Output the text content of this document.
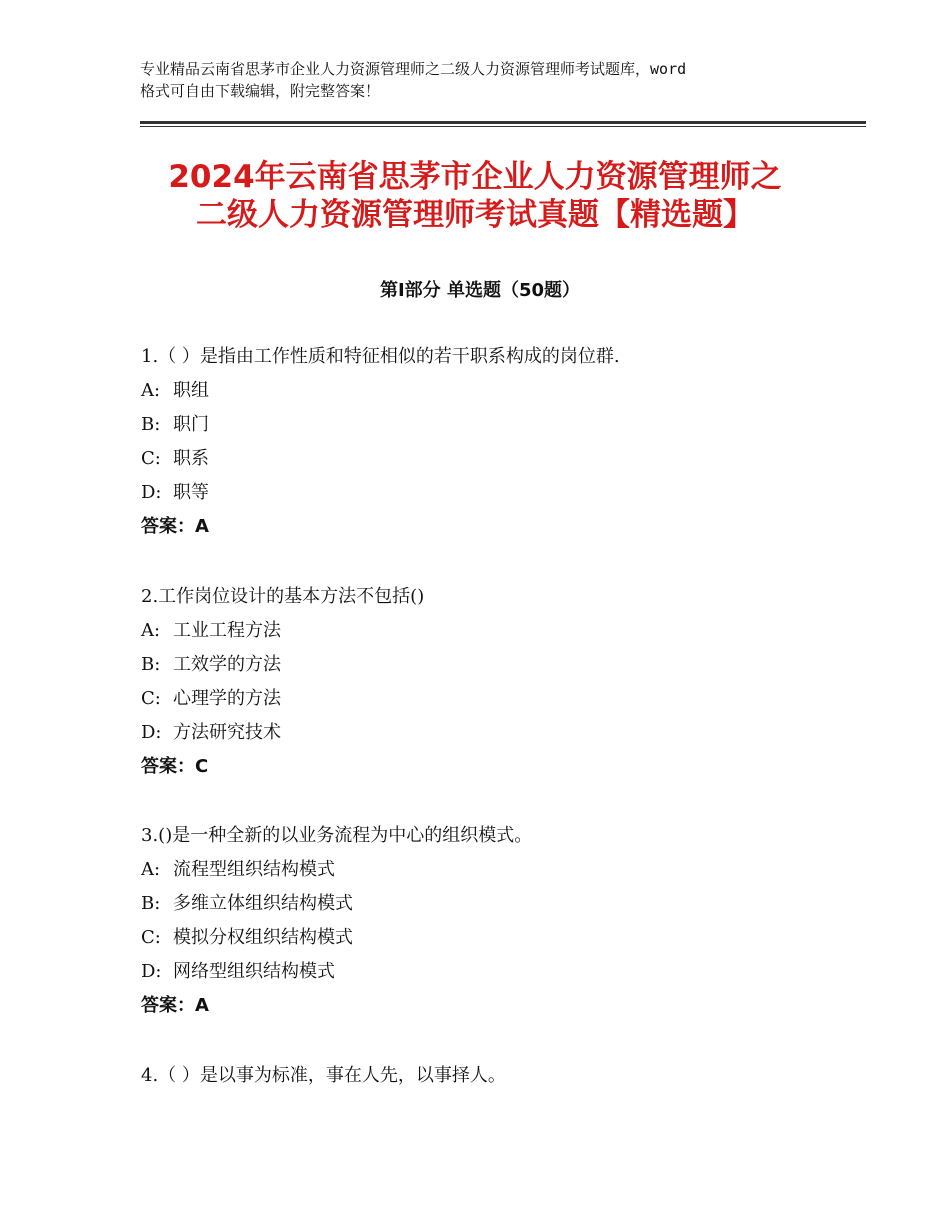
专业精品云南省思茅市企业人力资源管理师之二级人力资源管理师考试题库，word
格式可自由下载编辑，附完整答案！
2024年云南省思茅市企业人力资源管理师之
二级人力资源管理师考试真题【精选题】
第Ⅰ部分 单选题（50题）
1.（ ）是指由工作性质和特征相似的若干职系构成的岗位群.
A: 职组
B: 职门
C: 职系
D: 职等
答案：A
2.工作岗位设计的基本方法不包括()
A: 工业工程方法
B: 工效学的方法
C: 心理学的方法
D: 方法研究技术
答案：C
3.()是一种全新的以业务流程为中心的组织模式。
A: 流程型组织结构模式
B: 多维立体组织结构模式
C: 模拟分权组织结构模式
D: 网络型组织结构模式
答案：A
4.（ ）是以事为标准，事在人先，以事择人。
